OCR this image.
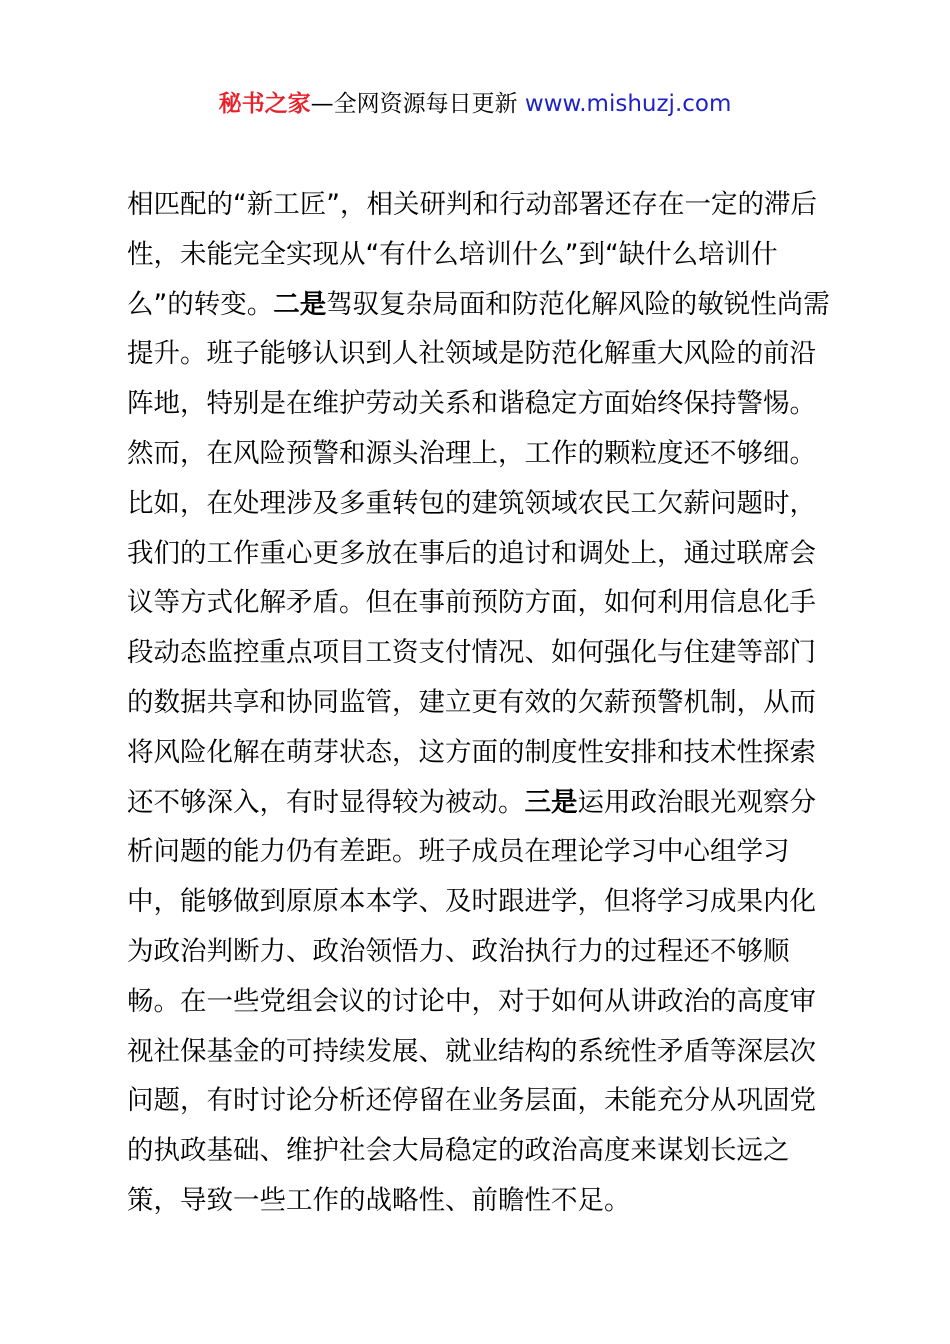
秘书之家—全网资源每日更新 www.mishuzj.com

相匹配的“新工匠”，相关研判和行动部署还存在一定的滞后性，未能完全实现从“有什么培训什么”到“缺什么培训什么”的转变。二是驾驭复杂局面和防范化解风险的敏锐性尚需提升。班子能够认识到人社领域是防范化解重大风险的前沿阵地，特别是在维护劳动关系和谐稳定方面始终保持警惕。然而，在风险预警和源头治理上，工作的颗粒度还不够细。比如，在处理涉及多重转包的建筑领域农民工欠薪问题时，我们的工作重心更多放在事后的追讨和调处上，通过联席会议等方式化解矛盾。但在事前预防方面，如何利用信息化手段动态监控重点项目工资支付情况、如何强化与住建等部门的数据共享和协同监管，建立更有效的欠薪预警机制，从而将风险化解在萌芽状态，这方面的制度性安排和技术性探索还不够深入，有时显得较为被动。三是运用政治眼光观察分析问题的能力仍有差距。班子成员在理论学习中心组学习中，能够做到原原本本学、及时跟进学，但将学习成果内化为政治判断力、政治领悟力、政治执行力的过程还不够顺畅。在一些党组会议的讨论中，对于如何从讲政治的高度审视社保基金的可持续发展、就业结构的系统性矛盾等深层次问题，有时讨论分析还停留在业务层面，未能充分从巩固党的执政基础、维护社会大局稳定的政治高度来谋划长远之策，导致一些工作的战略性、前瞻性不足。
